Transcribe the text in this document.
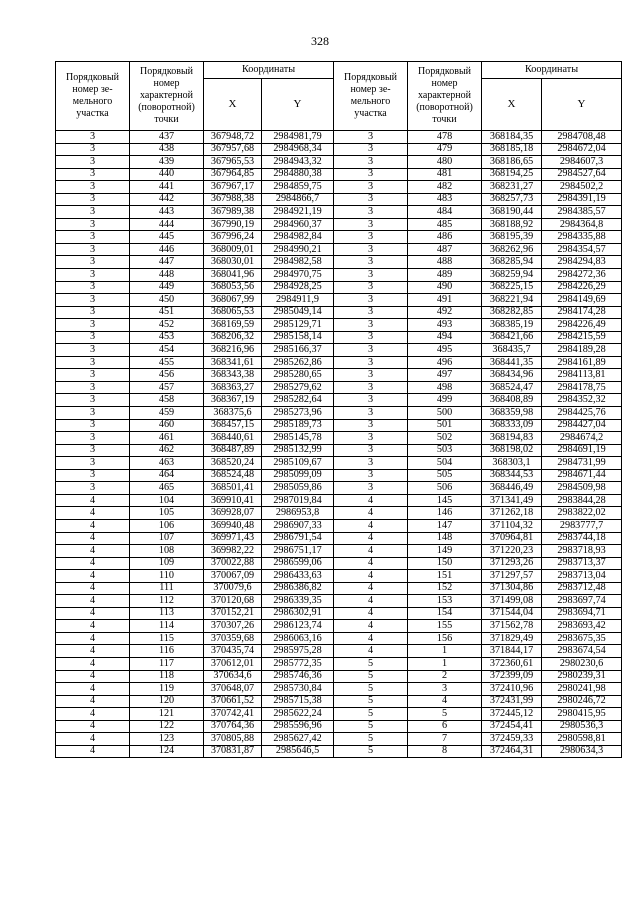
328
Порядковый номер зе-мельного участка	Порядковый номер характерной (поворотной) точки	Координаты		Порядковый номер зе-мельного участка	Порядковый номер характерной (поворотной) точки	Координаты	
		X	Y			X	Y
3	437	367948,72	2984981,79	3	478	368184,35	2984708,48
3	438	367957,68	2984968,34	3	479	368185,18	2984672,04
3	439	367965,53	2984943,32	3	480	368186,65	2984607,3
3	440	367964,85	2984880,38	3	481	368194,25	2984527,64
3	441	367967,17	2984859,75	3	482	368231,27	2984502,2
3	442	367988,38	2984866,7	3	483	368257,73	2984391,19
3	443	367989,38	2984921,19	3	484	368190,44	2984385,57
3	444	367990,19	2984960,37	3	485	368188,92	2984364,8
3	445	367996,24	2984982,84	3	486	368195,39	2984335,88
3	446	368009,01	2984990,21	3	487	368262,96	2984354,57
3	447	368030,01	2984982,58	3	488	368285,94	2984294,83
3	448	368041,96	2984970,75	3	489	368259,94	2984272,36
3	449	368053,56	2984928,25	3	490	368225,15	2984226,29
3	450	368067,99	2984911,9	3	491	368221,94	2984149,69
3	451	368065,53	2985049,14	3	492	368282,85	2984174,28
3	452	368169,59	2985129,71	3	493	368385,19	2984226,49
3	453	368206,32	2985158,14	3	494	368421,66	2984215,59
3	454	368216,96	2985166,37	3	495	368435,7	2984189,28
3	455	368341,61	2985262,86	3	496	368441,35	2984161,89
3	456	368343,38	2985280,65	3	497	368434,96	2984113,81
3	457	368363,27	2985279,62	3	498	368524,47	2984178,75
3	458	368367,19	2985282,64	3	499	368408,89	2984352,32
3	459	368375,6	2985273,96	3	500	368359,98	2984425,76
3	460	368457,15	2985189,73	3	501	368333,09	2984427,04
3	461	368440,61	2985145,78	3	502	368194,83	2984674,2
3	462	368487,89	2985132,99	3	503	368198,02	2984691,19
3	463	368520,24	2985109,67	3	504	368303,1	2984731,99
3	464	368524,48	2985099,09	3	505	368344,53	2984671,44
3	465	368501,41	2985059,86	3	506	368446,49	2984509,98
4	104	369910,41	2987019,84	4	145	371341,49	2983844,28
4	105	369928,07	2986953,8	4	146	371262,18	2983822,02
4	106	369940,48	2986907,33	4	147	371104,32	2983777,7
4	107	369971,43	2986791,54	4	148	370964,81	2983744,18
4	108	369982,22	2986751,17	4	149	371220,23	2983718,93
4	109	370022,88	2986599,06	4	150	371293,26	2983713,37
4	110	370067,09	2986433,63	4	151	371297,57	2983713,04
4	111	370079,6	2986386,82	4	152	371304,86	2983712,48
4	112	370120,68	2986339,35	4	153	371499,08	2983697,74
4	113	370152,21	2986302,91	4	154	371544,04	2983694,71
4	114	370307,26	2986123,74	4	155	371562,78	2983693,42
4	115	370359,68	2986063,16	4	156	371829,49	2983675,35
4	116	370435,74	2985975,28	4	1	371844,17	2983674,54
4	117	370612,01	2985772,35	5	1	372360,61	2980230,6
4	118	370634,6	2985746,36	5	2	372399,09	2980239,31
4	119	370648,07	2985730,84	5	3	372410,96	2980241,98
4	120	370661,52	2985715,38	5	4	372431,99	2980246,72
4	121	370742,41	2985622,24	5	5	372445,12	2980415,95
4	122	370764,36	2985596,96	5	6	372454,41	2980536,3
4	123	370805,88	2985627,42	5	7	372459,33	2980598,81
4	124	370831,87	2985646,5	5	8	372464,31	2980634,3
